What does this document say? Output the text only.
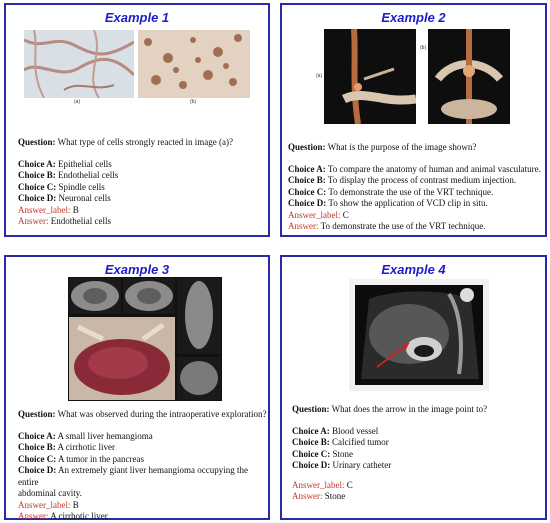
Example 1
(a)	(b)
Question: What type of cells strongly reacted in image (a)?
Choice A: Epithelial cells
Choice B: Endothelial cells
Choice C: Spindle cells
Choice D: Neuronal cells
Answer_label: B
Answer: Endothelial cells
Example 2
(a)
(b)
Question: What is the purpose of the image shown?
Choice A: To compare the anatomy of human and animal vasculature.
Choice B: To display the process of contrast medium injection.
Choice C: To demonstrate the use of the VRT technique.
Choice D: To show the application of VCD clip in situ.
Answer_label: C
Answer: To demonstrate the use of the VRT technique.
Example 3
Question: What was observed during the intraoperative exploration?
Choice A: A small liver hemangioma
Choice B: A cirrhotic liver
Choice C: A tumor in the pancreas
Choice D: An extremely giant liver hemangioma occupying the entire
abdominal cavity.
Answer_label: B
Answer: A cirrhotic liver
Example 4
Question: What does the arrow in the image point to?
Choice A: Blood vessel
Choice B: Calcified tumor
Choice C: Stone
Choice D: Urinary catheter
Answer_label: C
Answer: Stone
